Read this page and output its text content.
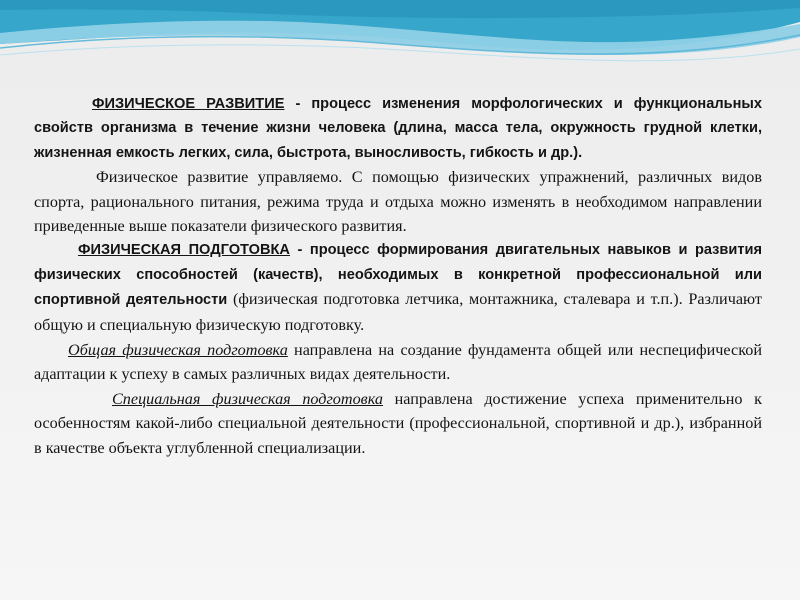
ФИЗИЧЕСКОЕ РАЗВИТИЕ - процесс изменения морфологических и функциональных свойств организма в течение жизни человека (длина, масса тела, окружность грудной клетки, жизненная емкость легких, сила, быстрота, выносливость, гибкость и др.).

Физическое развитие управляемо. С помощью физических упражнений, различных видов спорта, рационального питания, режима труда и отдыха можно изменять в необходимом направлении приведенные выше показатели физического развития.

ФИЗИЧЕСКАЯ ПОДГОТОВКА - процесс формирования двигательных навыков и развития физических способностей (качеств), необходимых в конкретной профессиональной или спортивной деятельности (физическая подготовка летчика, монтажника, сталевара и т.п.). Различают общую и специальную физическую подготовку.

Общая физическая подготовка направлена на создание фундамента общей или неспецифической адаптации к успеху в самых различных видах деятельности.

Специальная физическая подготовка направлена достижение успеха применительно к особенностям какой-либо специальной деятельности (профессиональной, спортивной и др.), избранной в качестве объекта углубленной специализации.
